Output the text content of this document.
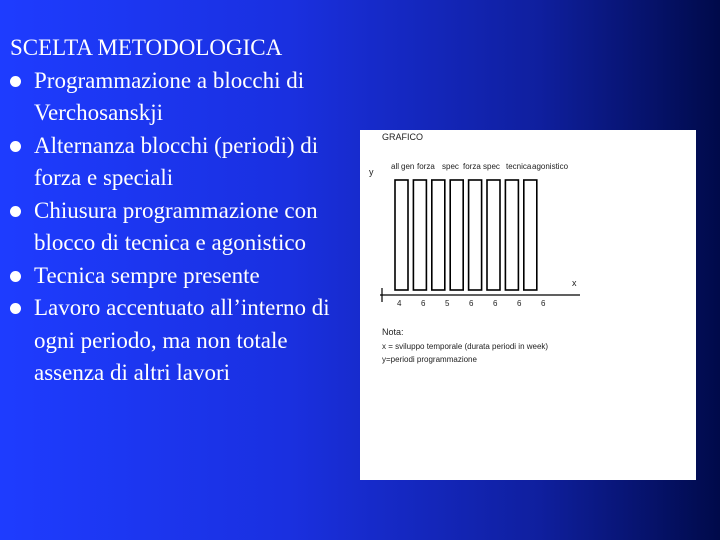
SCELTA METODOLOGICA
Programmazione a blocchi di Verchosanskji
Alternanza blocchi (periodi) di forza e speciali
Chiusura programmazione con blocco di tecnica e agonistico
Tecnica sempre presente
Lavoro accentuato all’interno di ogni periodo, ma non totale assenza di altri lavori
GRAFICO
y
x
all gen forza spec forza spec tecnica agonistico
4 6 5 6 6 6 6
Nota:
x = sviluppo temporale (durata periodi in week)
y=periodi programmazione
